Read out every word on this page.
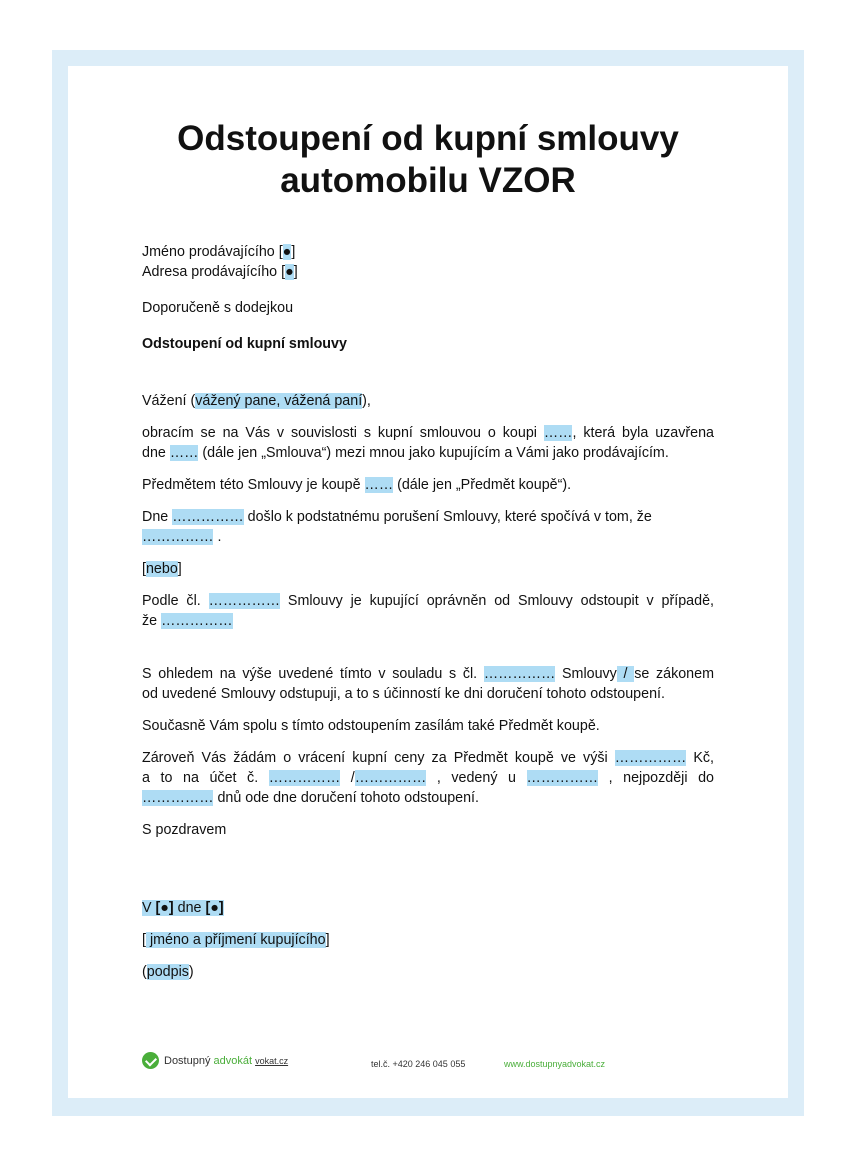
Odstoupení od kupní smlouvy
automobilu VZOR
Jméno prodávajícího [●]
Adresa prodávajícího [●]
Doporučeně s dodejkou
Odstoupení od kupní smlouvy
Vážení (vážený pane, vážená paní),
obracím se na Vás v souvislosti s kupní smlouvou o koupi ……, která byla uzavřena
dne …… (dále jen „Smlouva“) mezi mnou jako kupujícím a Vámi jako prodávajícím.
Předmětem této Smlouvy je koupě …… (dále jen „Předmět koupě“).
Dne …………… došlo k podstatnému porušení Smlouvy, které spočívá v tom, že
…………… .
[nebo]
Podle čl. …………… Smlouvy je kupující oprávněn od Smlouvy odstoupit v případě,
že ……………
S ohledem na výše uvedené tímto v souladu s čl. …………… Smlouvy / se zákonem
od uvedené Smlouvy odstupuji, a to s účinností ke dni doručení tohoto odstoupení.
Současně Vám spolu s tímto odstoupením zasílám také Předmět koupě.
Zároveň Vás žádám o vrácení kupní ceny za Předmět koupě ve výši …………… Kč,
a to na účet č. …………… /…………… , vedený u …………… , nejpozději do
…………… dnů ode dne doručení tohoto odstoupení.
S pozdravem
V [●] dne [●]
[ jméno a příjmení kupujícího]
(podpis)
Dostupný advokát vokat.cz	tel.č. +420 246 045 055	www.dostupnyadvokat.cz
